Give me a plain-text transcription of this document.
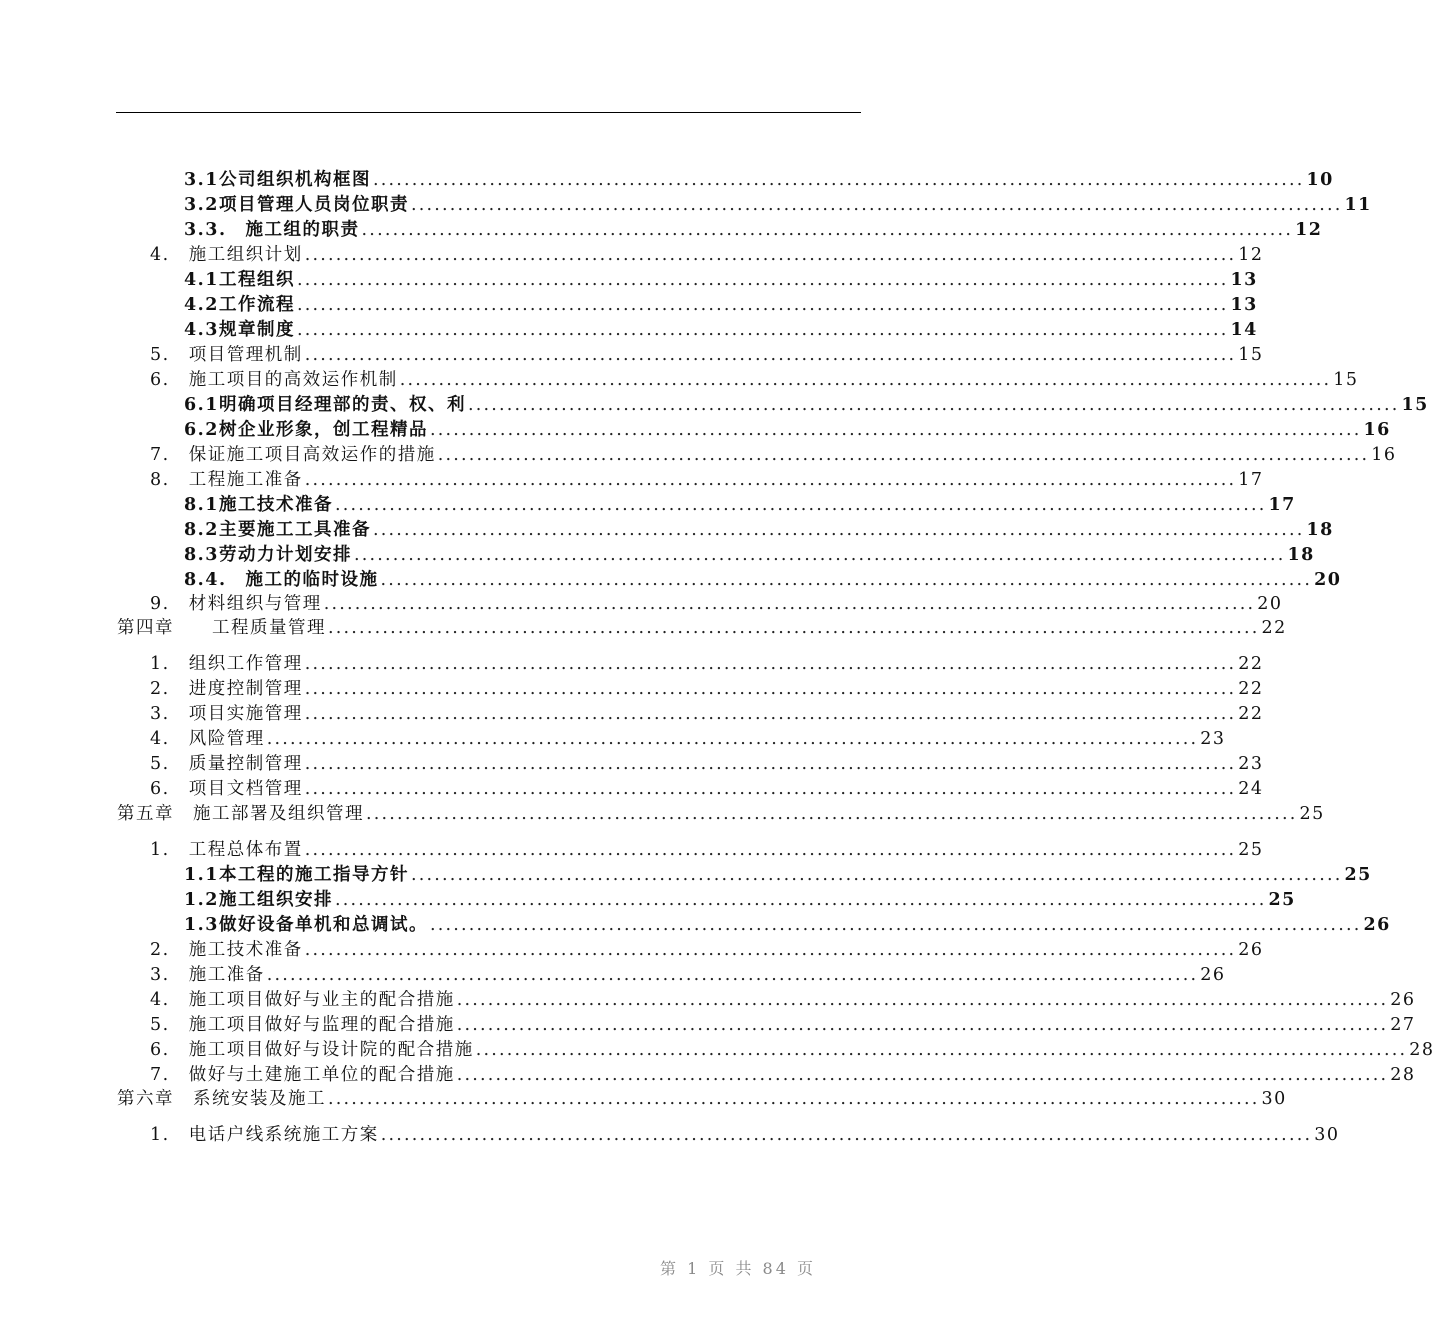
3.1公司组织机构框图 ........................................................................................................................ 10
3.2项目管理人员岗位职责 ........................................................................................................................ 11
3.3.　施工组的职责 ........................................................................................................................ 12
4.　施工组织计划 ........................................................................................................................ 12
4.1工程组织 ........................................................................................................................ 13
4.2工作流程 ........................................................................................................................ 13
4.3规章制度 ........................................................................................................................ 14
5.　项目管理机制 ........................................................................................................................ 15
6.　施工项目的高效运作机制 ........................................................................................................................ 15
6.1明确项目经理部的责、权、利 ........................................................................................................................ 15
6.2树企业形象，创工程精品 ........................................................................................................................ 16
7.　保证施工项目高效运作的措施 ........................................................................................................................ 16
8.　工程施工准备 ........................................................................................................................ 17
8.1施工技术准备 ........................................................................................................................ 17
8.2主要施工工具准备 ........................................................................................................................ 18
8.3劳动力计划安排 ........................................................................................................................ 18
8.4.　施工的临时设施 ........................................................................................................................ 20
9.　材料组织与管理 ........................................................................................................................ 20
第四章　　工程质量管理 ........................................................................................................................ 22
1.　组织工作管理 ........................................................................................................................ 22
2.　进度控制管理 ........................................................................................................................ 22
3.　项目实施管理 ........................................................................................................................ 22
4.　风险管理 ........................................................................................................................ 23
5.　质量控制管理 ........................................................................................................................ 23
6.　项目文档管理 ........................................................................................................................ 24
第五章　施工部署及组织管理 ........................................................................................................................ 25
1.　工程总体布置 ........................................................................................................................ 25
1.1本工程的施工指导方针 ........................................................................................................................ 25
1.2施工组织安排 ........................................................................................................................ 25
1.3做好设备单机和总调试。 ........................................................................................................................ 26
2.　施工技术准备 ........................................................................................................................ 26
3.　施工准备 ........................................................................................................................ 26
4.　施工项目做好与业主的配合措施 ........................................................................................................................ 26
5.　施工项目做好与监理的配合措施 ........................................................................................................................ 27
6.　施工项目做好与设计院的配合措施 ........................................................................................................................ 28
7.　做好与土建施工单位的配合措施 ........................................................................................................................ 28
第六章　系统安装及施工 ........................................................................................................................ 30
1.　电话户线系统施工方案 ........................................................................................................................ 30
第 1 页 共 84 页
